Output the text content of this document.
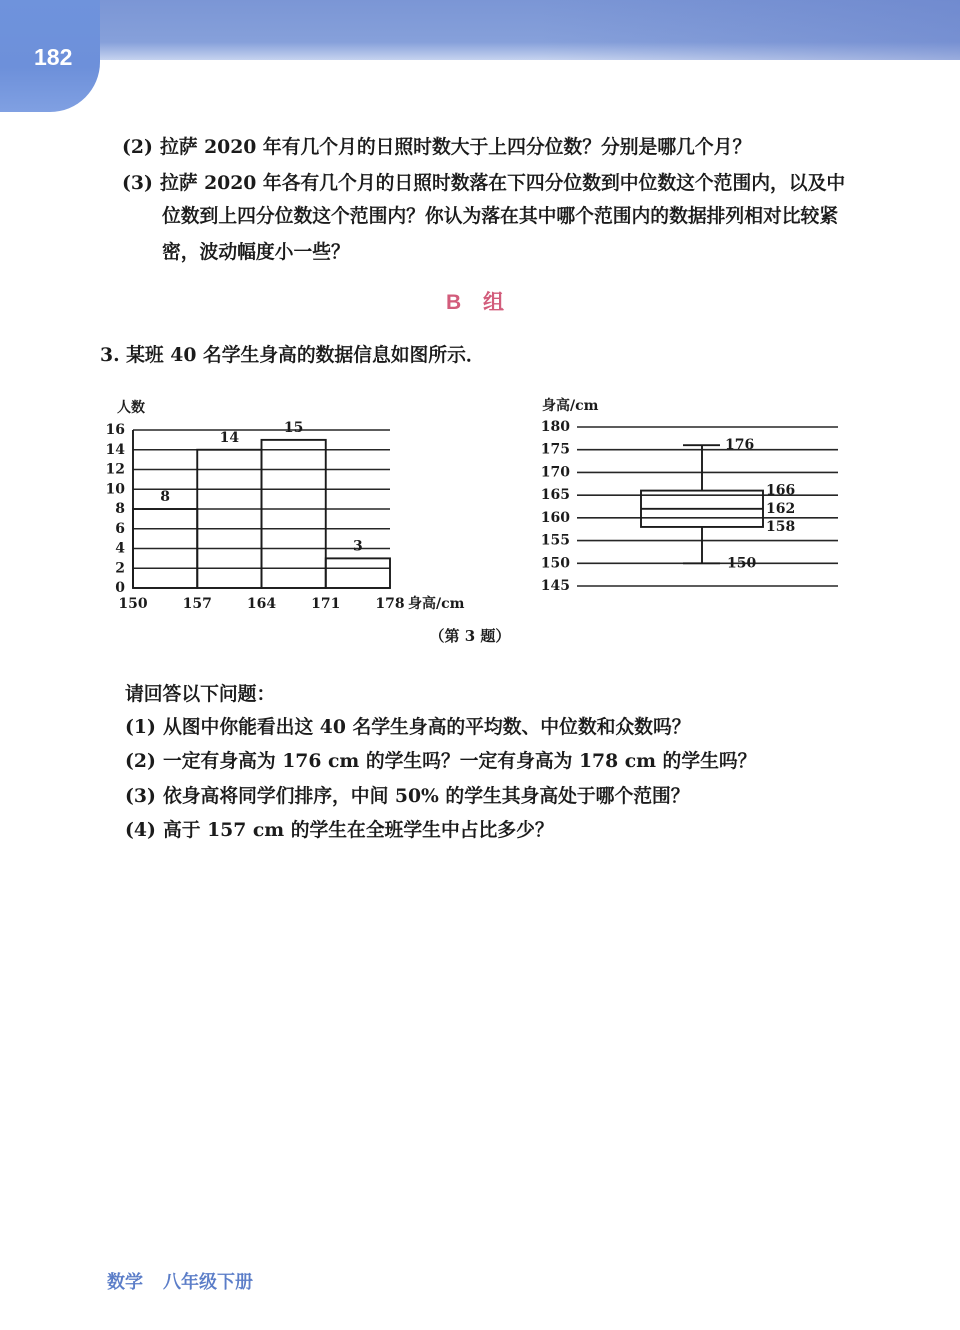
182
(2) 拉萨 2020 年有几个月的日照时数大于上四分位数？分别是哪几个月？
(3) 拉萨 2020 年各有几个月的日照时数落在下四分位数到中位数这个范围内，以及中
位数到上四分位数这个范围内？你认为落在其中哪个范围内的数据排列相对比较紧
密，波动幅度小一些？
B 组
3. 某班 40 名学生身高的数据信息如图所示．
0
2
4
6
8
10
12
14
16
8
14
15
3
150	157	164	171	178 身高/cm
人数
145
150
155
160
165
170
175
180
176
150
166
162
158
身高/cm
（第 3 题）
请回答以下问题：
(1) 从图中你能看出这 40 名学生身高的平均数、中位数和众数吗？
(2) 一定有身高为 176 cm 的学生吗？一定有身高为 178 cm 的学生吗？
(3) 依身高将同学们排序，中间 50% 的学生其身高处于哪个范围？
(4) 高于 157 cm 的学生在全班学生中占比多少？
数学 八年级下册
